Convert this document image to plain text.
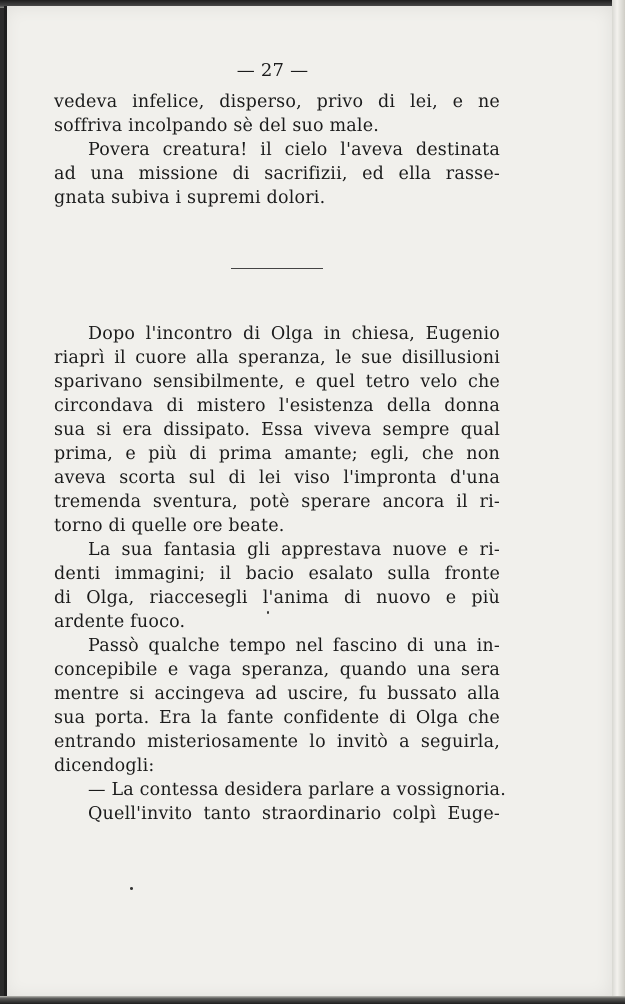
— 27 —
vedeva infelice, disperso, privo di lei, e ne
soffriva incolpando sè del suo male.
Povera creatura! il cielo l'aveva destinata
ad una missione di sacrifizii, ed ella rasse-
gnata subiva i supremi dolori.
Dopo l'incontro di Olga in chiesa, Eugenio
riaprì il cuore alla speranza, le sue disillusioni
sparivano sensibilmente, e quel tetro velo che
circondava di mistero l'esistenza della donna
sua si era dissipato. Essa viveva sempre qual
prima, e più di prima amante; egli, che non
aveva scorta sul di lei viso l'impronta d'una
tremenda sventura, potè sperare ancora il ri-
torno di quelle ore beate.
La sua fantasia gli apprestava nuove e ri-
denti immagini; il bacio esalato sulla fronte
di Olga, riaccesegli l'anima di nuovo e più
ardente fuoco.
Passò qualche tempo nel fascino di una in-
concepibile e vaga speranza, quando una sera
mentre si accingeva ad uscire, fu bussato alla
sua porta. Era la fante confidente di Olga che
entrando misteriosamente lo invitò a seguirla,
dicendogli:
— La contessa desidera parlare a vossignoria.
Quell'invito tanto straordinario colpì Euge-
